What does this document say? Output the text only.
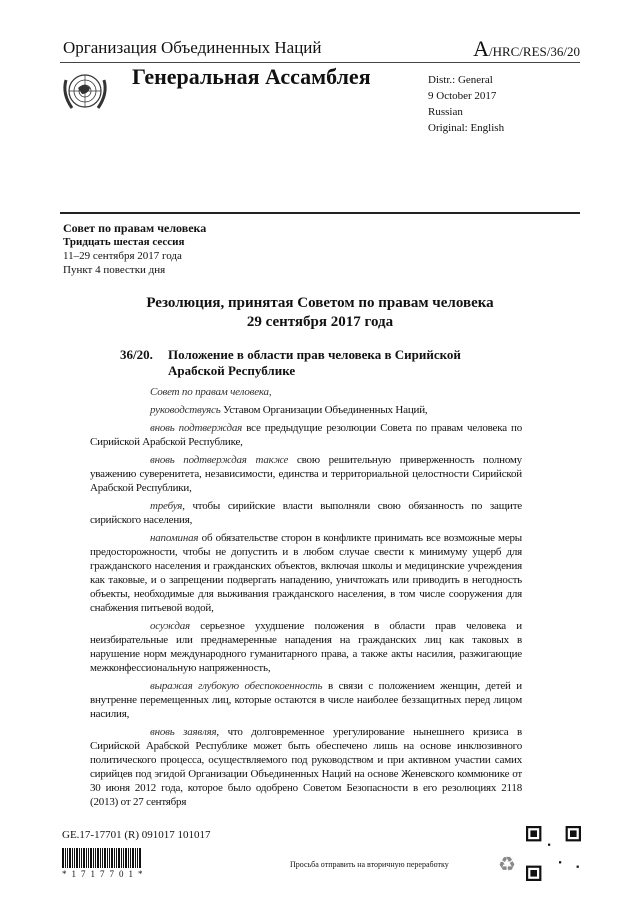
Организация Объединенных Наций	A/HRC/RES/36/20
Генеральная Ассамблея	Distr.: General
9 October 2017
Russian
Original: English
Совет по правам человека
Тридцать шестая сессия
11–29 сентября 2017 года
Пункт 4 повестки дня
Резолюция, принятая Советом по правам человека
29 сентября 2017 года
36/20. Положение в области прав человека в Сирийской Арабской Республике

Совет по правам человека,

руководствуясь Уставом Организации Объединенных Наций,

вновь подтверждая все предыдущие резолюции Совета по правам человека по Сирийской Арабской Республике,

вновь подтверждая также свою решительную приверженность полному уважению суверенитета, независимости, единства и территориальной целостности Сирийской Арабской Республики,

требуя, чтобы сирийские власти выполняли свою обязанность по защите сирийского населения,

напоминая об обязательстве сторон в конфликте принимать все возможные меры предосторожности, чтобы не допустить и в любом случае свести к минимуму ущерб для гражданского населения и гражданских объектов, включая школы и медицинские учреждения как таковые, и о запрещении подвергать нападению, уничтожать или приводить в негодность объекты, необходимые для выживания гражданского населения, в том числе сооружения для снабжения питьевой водой,

осуждая серьезное ухудшение положения в области прав человека и неизбирательные или преднамеренные нападения на гражданских лиц как таковых в нарушение норм международного гуманитарного права, а также акты насилия, разжигающие межконфессиональную напряженность,

выражая глубокую обеспокоенность в связи с положением женщин, детей и внутренне перемещенных лиц, которые остаются в числе наиболее беззащитных перед лицом насилия,

вновь заявляя, что долговременное урегулирование нынешнего кризиса в Сирийской Арабской Республике может быть обеспечено лишь на основе инклюзивного политического процесса, осуществляемого под руководством и при активном участии самих сирийцев под эгидой Организации Объединенных Наций на основе Женевского коммюнике от 30 июня 2012 года, которое было одобрено Советом Безопасности в его резолюциях 2118 (2013) от 27 сентября

GE.17-17701 (R) 091017 101017
*1717701*
Просьба отправить на вторичную переработку ♻
